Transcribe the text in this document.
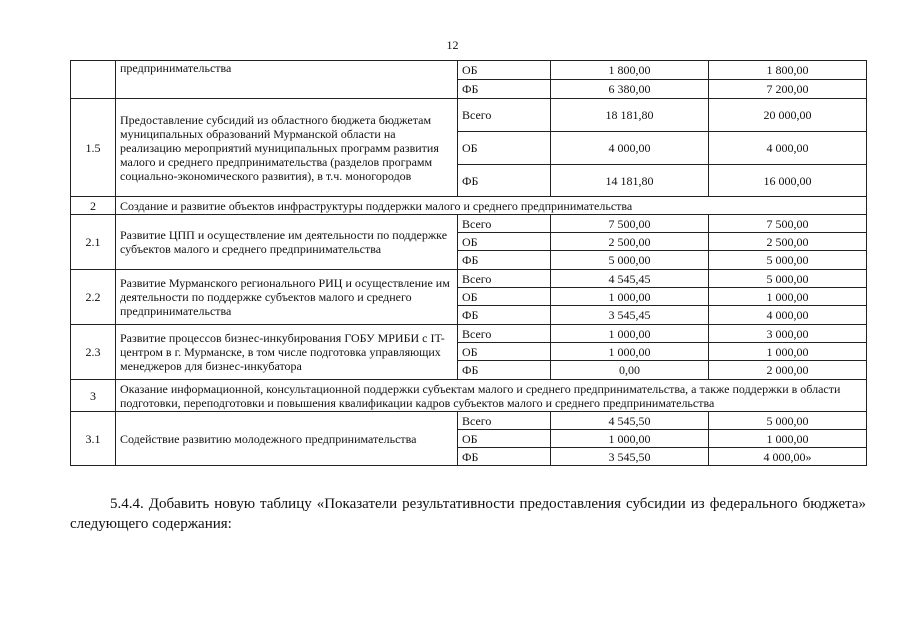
12
	предпринимательства	ОБ	1 800,00	1 800,00
		ФБ	6 380,00	7 200,00
1.5	Предоставление субсидий из областного бюджета бюджетам муниципальных образований Мурманской области на реализацию мероприятий муниципальных программ развития малого и среднего предпринимательства (разделов программ социально-экономического развития), в т.ч. моногородов	Всего	18 181,80	20 000,00
		ОБ	4 000,00	4 000,00
		ФБ	14 181,80	16 000,00
2	Создание и развитие объектов инфраструктуры поддержки малого и среднего предпринимательства			
2.1	Развитие ЦПП и осуществление им деятельности по поддержке субъектов малого и среднего предпринимательства	Всего	7 500,00	7 500,00
		ОБ	2 500,00	2 500,00
		ФБ	5 000,00	5 000,00
2.2	Развитие Мурманского регионального РИЦ и осуществление им деятельности по поддержке субъектов малого и среднего предпринимательства	Всего	4 545,45	5 000,00
		ОБ	1 000,00	1 000,00
		ФБ	3 545,45	4 000,00
2.3	Развитие процессов бизнес-инкубирования ГОБУ МРИБИ с IT-центром в г. Мурманске, в том числе подготовка управляющих менеджеров для бизнес-инкубатора	Всего	1 000,00	3 000,00
		ОБ	1 000,00	1 000,00
		ФБ	0,00	2 000,00
3	Оказание информационной, консультационной поддержки субъектам малого и среднего предпринимательства, а также поддержки в области подготовки, переподготовки и повышения квалификации кадров субъектов малого и среднего предпринимательства			
3.1	Содействие развитию молодежного предпринимательства	Всего	4 545,50	5 000,00
		ОБ	1 000,00	1 000,00
		ФБ	3 545,50	4 000,00»

5.4.4. Добавить новую таблицу «Показатели результативности предоставления субсидии из федерального бюджета» следующего содержания:
